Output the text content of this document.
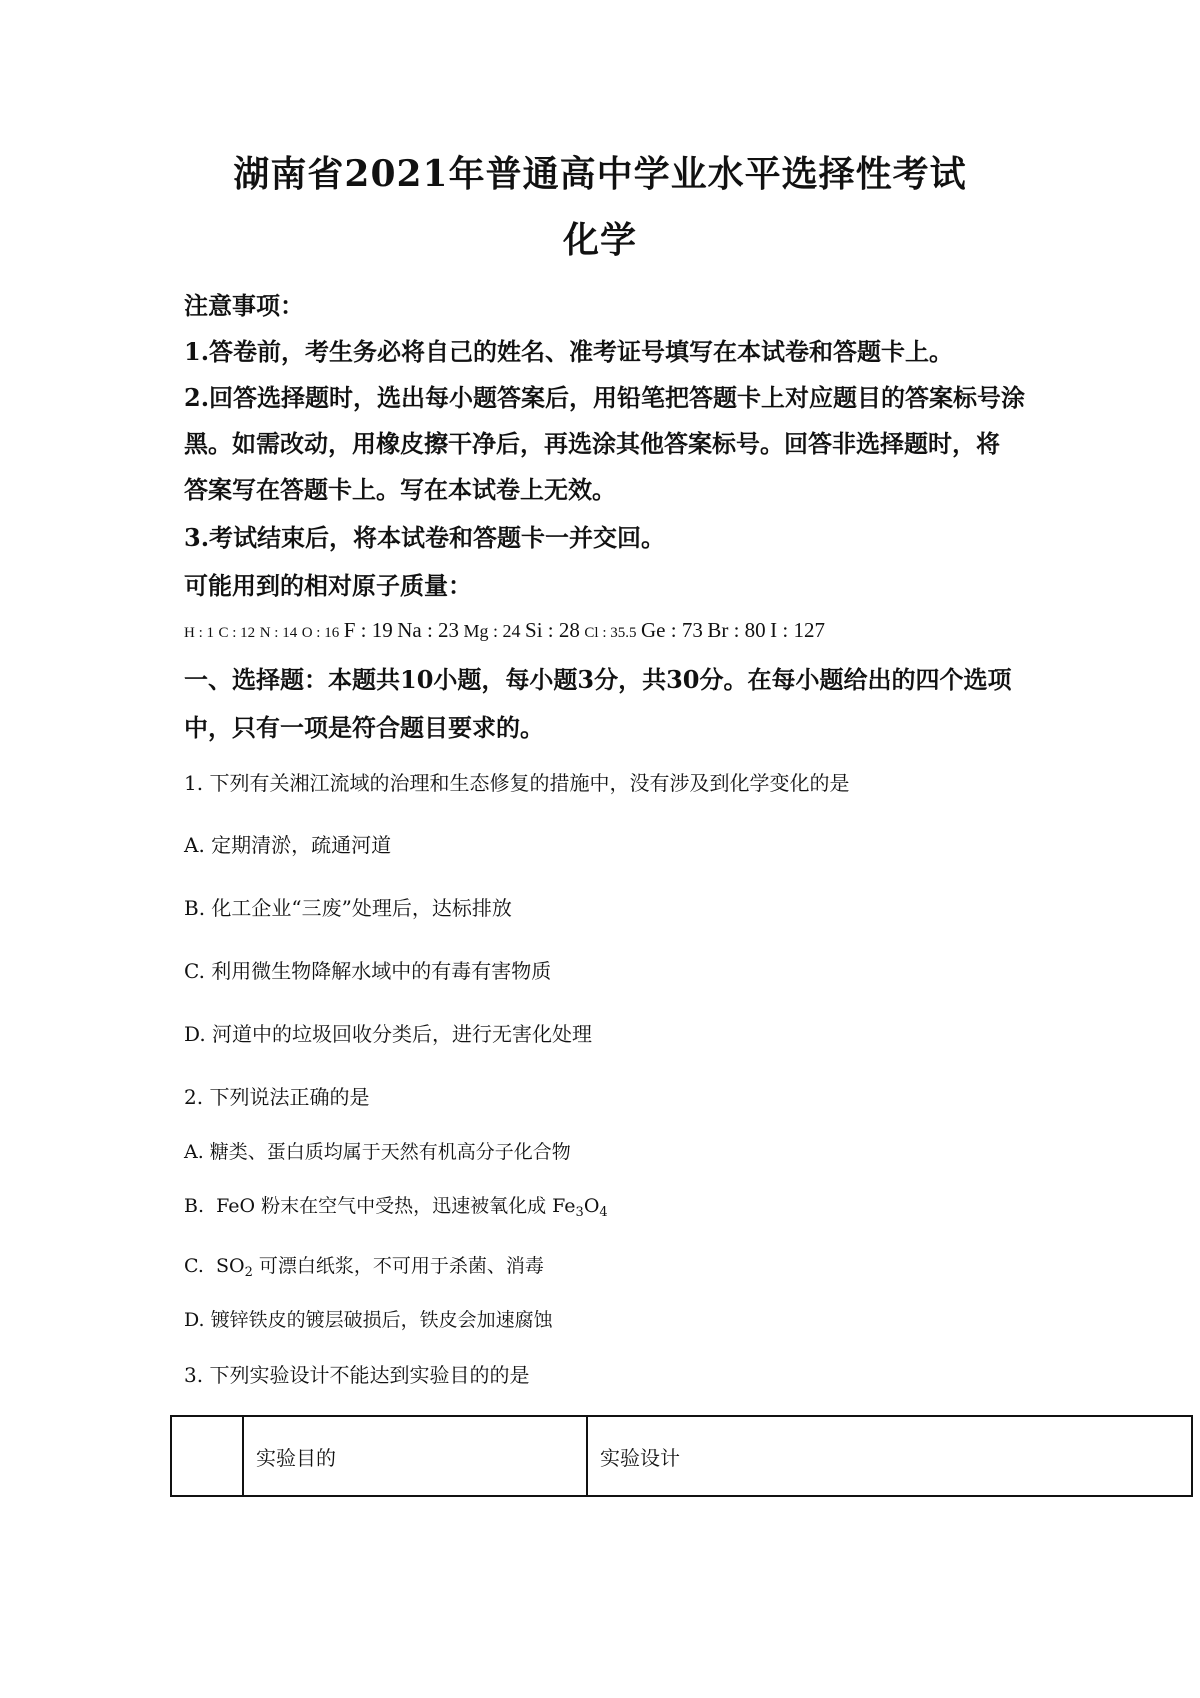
湖南省2021年普通高中学业水平选择性考试
化学
注意事项：
1.答卷前，考生务必将自己的姓名、准考证号填写在本试卷和答题卡上。
2.回答选择题时，选出每小题答案后，用铅笔把答题卡上对应题目的答案标号涂
黑。如需改动，用橡皮擦干净后，再选涂其他答案标号。回答非选择题时，将
答案写在答题卡上。写在本试卷上无效。
3.考试结束后，将本试卷和答题卡一并交回。
可能用到的相对原子质量：
H : 1 C : 12 N : 14 O : 16 F : 19 Na : 23 Mg : 24 Si : 28 Cl : 35.5 Ge : 73 Br : 80 I : 127
一、选择题：本题共10小题，每小题3分，共30分。在每小题给出的四个选项
中，只有一项是符合题目要求的。
1. 下列有关湘江流域的治理和生态修复的措施中，没有涉及到化学变化的是
A. 定期清淤，疏通河道
B. 化工企业“三废”处理后，达标排放
C. 利用微生物降解水域中的有毒有害物质
D. 河道中的垃圾回收分类后，进行无害化处理
2. 下列说法正确的是
A. 糖类、蛋白质均属于天然有机高分子化合物
B. FeO 粉末在空气中受热，迅速被氧化成 $Fe_3O_4$
C. $SO_2$ 可漂白纸浆，不可用于杀菌、消毒
D. 镀锌铁皮的镀层破损后，铁皮会加速腐蚀
3. 下列实验设计不能达到实验目的的是
	实验目的	实验设计
